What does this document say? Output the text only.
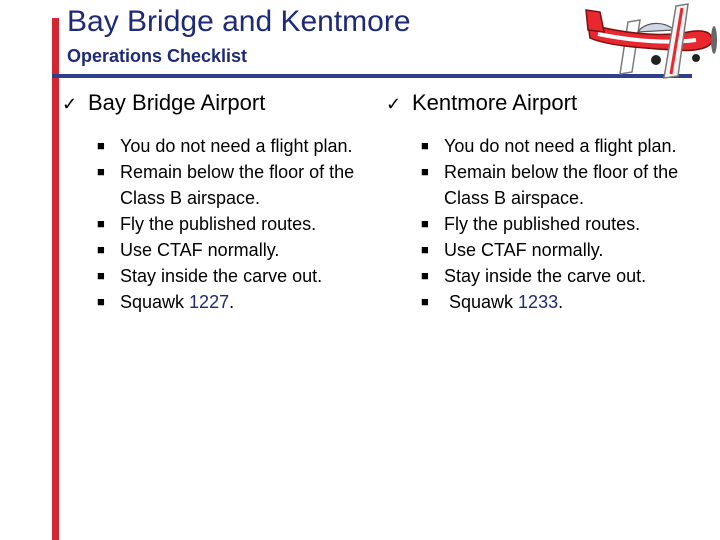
Bay Bridge and Kentmore
Operations Checklist
✓ Bay Bridge Airport
■ You do not need a flight plan.
■ Remain below the floor of the Class B airspace.
■ Fly the published routes.
■ Use CTAF normally.
■ Stay inside the carve out.
■ Squawk 1227.
✓ Kentmore Airport
■ You do not need a flight plan.
■ Remain below the floor of the Class B airspace.
■ Fly the published routes.
■ Use CTAF normally.
■ Stay inside the carve out.
■ Squawk 1233.
